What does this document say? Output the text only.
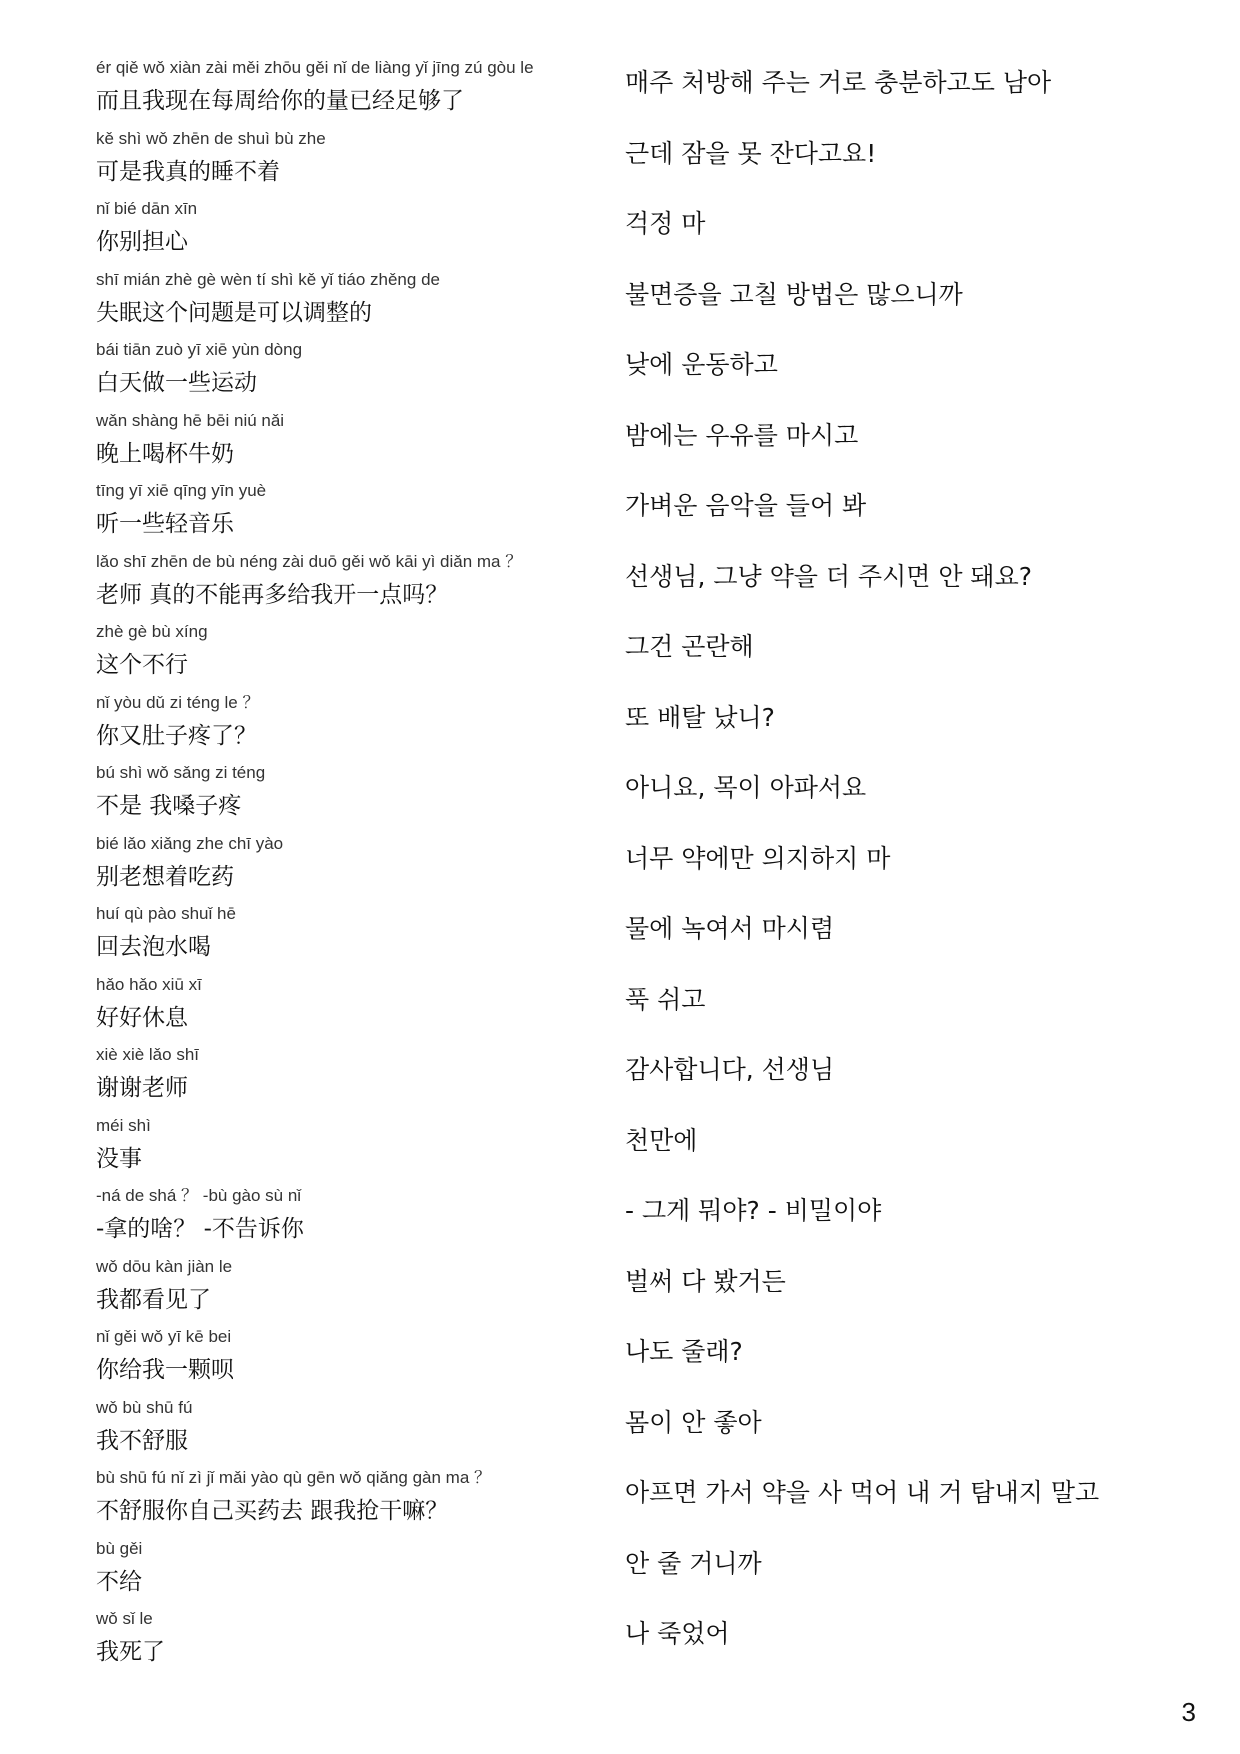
ér qiě wǒ xiàn zài měi zhōu gěi nǐ de liàng yǐ jīng zú gòu le
而且我现在每周给你的量已经足够了
매주 처방해 주는 거로 충분하고도 남아
kě shì wǒ zhēn de shuì bù zhe
可是我真的睡不着
근데 잠을 못 잔다고요!
nǐ bié dān xīn
你别担心
걱정 마
shī mián zhè gè wèn tí shì kě yǐ tiáo zhěng de
失眠这个问题是可以调整的
불면증을 고칠 방법은 많으니까
bái tiān zuò yī xiē yùn dòng
白天做一些运动
낮에 운동하고
wǎn shàng hē bēi niú nǎi
晚上喝杯牛奶
밤에는 우유를 마시고
tīng yī xiē qīng yīn yuè
听一些轻音乐
가벼운 음악을 들어 봐
lǎo shī zhēn de bù néng zài duō gěi wǒ kāi yì diǎn ma ？
老师 真的不能再多给我开一点吗？
선생님, 그냥 약을 더 주시면 안 돼요?
zhè gè bù xíng
这个不行
그건 곤란해
nǐ yòu dǔ zi téng le ？
你又肚子疼了？
또 배탈 났니?
bú shì wǒ sǎng zi téng
不是 我嗓子疼
아니요, 목이 아파서요
bié lǎo xiǎng zhe chī yào
别老想着吃药
너무 약에만 의지하지 마
huí qù pào shuǐ hē
回去泡水喝
물에 녹여서 마시렴
hǎo hǎo xiū xī
好好休息
푹 쉬고
xiè xiè lǎo shī
谢谢老师
감사합니다, 선생님
méi shì
没事
천만에
-ná de shá ？ -bù gào sù nǐ
-拿的啥？ -不告诉你
- 그게 뭐야? - 비밀이야
wǒ dōu kàn jiàn le
我都看见了
벌써 다 봤거든
nǐ gěi wǒ yī kē bei
你给我一颗呗
나도 줄래?
wǒ bù shū fú
我不舒服
몸이 안 좋아
bù shū fú nǐ zì jǐ mǎi yào qù gēn wǒ qiǎng gàn ma ？
不舒服你自己买药去 跟我抢干嘛？
아프면 가서 약을 사 먹어 내 거 탐내지 말고
bù gěi
不给
안 줄 거니까
wǒ sǐ le
我死了
나 죽었어
3
